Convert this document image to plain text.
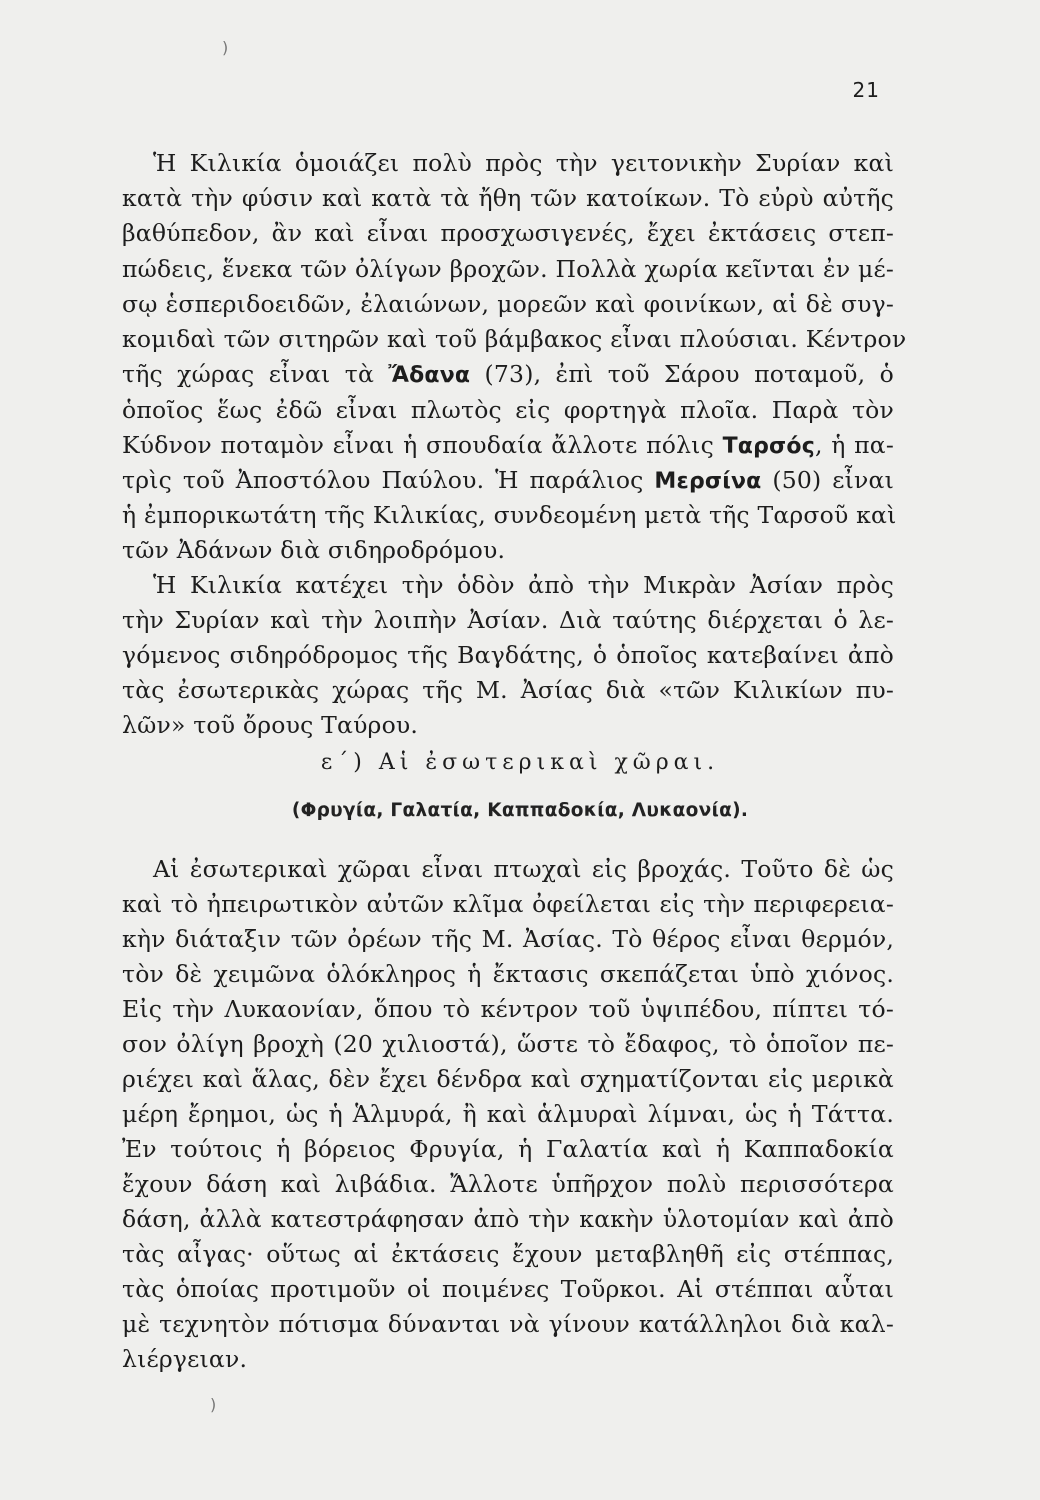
21
Ἡ Κιλικία ὁμοιάζει πολὺ πρὸς τὴν γειτονικὴν Συρίαν καὶ
κατὰ τὴν φύσιν καὶ κατὰ τὰ ἤθη τῶν κατοίκων. Τὸ εὐρὺ αὐτῆς
βαθύπεδον, ἂν καὶ εἶναι προσχωσιγενές, ἔχει ἐκτάσεις στεπ-
πώδεις, ἕνεκα τῶν ὀλίγων βροχῶν. Πολλὰ χωρία κεῖνται ἐν μέ-
σῳ ἑσπεριδοειδῶν, ἐλαιώνων, μορεῶν καὶ φοινίκων, αἱ δὲ συγ-
κομιδαὶ τῶν σιτηρῶν καὶ τοῦ βάμβακος εἶναι πλούσιαι. Κέντρον
τῆς χώρας εἶναι τὰ Ἄδανα (73), ἐπὶ τοῦ Σάρου ποταμοῦ, ὁ
ὁποῖος ἕως ἐδῶ εἶναι πλωτὸς εἰς φορτηγὰ πλοῖα. Παρὰ τὸν
Κύδνον ποταμὸν εἶναι ἡ σπουδαία ἄλλοτε πόλις Ταρσός, ἡ πα-
τρὶς τοῦ Ἀποστόλου Παύλου. Ἡ παράλιος Μερσίνα (50) εἶναι
ἡ ἐμπορικωτάτη τῆς Κιλικίας, συνδεομένη μετὰ τῆς Ταρσοῦ καὶ
τῶν Ἀδάνων διὰ σιδηροδρόμου.
Ἡ Κιλικία κατέχει τὴν ὁδὸν ἀπὸ τὴν Μικρὰν Ἀσίαν πρὸς
τὴν Συρίαν καὶ τὴν λοιπὴν Ἀσίαν. Διὰ ταύτης διέρχεται ὁ λε-
γόμενος σιδηρόδρομος τῆς Βαγδάτης, ὁ ὁποῖος κατεβαίνει ἀπὸ
τὰς ἐσωτερικὰς χώρας τῆς Μ. Ἀσίας διὰ «τῶν Κιλικίων πυ-
λῶν» τοῦ ὄρους Ταύρου.
ε΄) Αἱ ἐσωτερικαὶ χῶραι.
(Φρυγία, Γαλατία, Καππαδοκία, Λυκαονία).
Αἱ ἐσωτερικαὶ χῶραι εἶναι πτωχαὶ εἰς βροχάς. Τοῦτο δὲ ὡς
καὶ τὸ ἠπειρωτικὸν αὐτῶν κλῖμα ὀφείλεται εἰς τὴν περιφερεια-
κὴν διάταξιν τῶν ὀρέων τῆς Μ. Ἀσίας. Τὸ θέρος εἶναι θερμόν,
τὸν δὲ χειμῶνα ὁλόκληρος ἡ ἔκτασις σκεπάζεται ὑπὸ χιόνος.
Εἰς τὴν Λυκαονίαν, ὅπου τὸ κέντρον τοῦ ὑψιπέδου, πίπτει τό-
σον ὀλίγη βροχὴ (20 χιλιοστά), ὥστε τὸ ἔδαφος, τὸ ὁποῖον πε-
ριέχει καὶ ἅλας, δὲν ἔχει δένδρα καὶ σχηματίζονται εἰς μερικὰ
μέρη ἔρημοι, ὡς ἡ Ἁλμυρά, ἢ καὶ ἁλμυραὶ λίμναι, ὡς ἡ Τάττα.
Ἐν τούτοις ἡ βόρειος Φρυγία, ἡ Γαλατία καὶ ἡ Καππαδοκία
ἔχουν δάση καὶ λιβάδια. Ἄλλοτε ὑπῆρχον πολὺ περισσότερα
δάση, ἀλλὰ κατεστράφησαν ἀπὸ τὴν κακὴν ὑλοτομίαν καὶ ἀπὸ
τὰς αἶγας· οὕτως αἱ ἐκτάσεις ἔχουν μεταβληθῆ εἰς στέππας,
τὰς ὁποίας προτιμοῦν οἱ ποιμένες Τοῦρκοι. Αἱ στέππαι αὗται
μὲ τεχνητὸν πότισμα δύνανται νὰ γίνουν κατάλληλοι διὰ καλ-
λιέργειαν.
)
)
